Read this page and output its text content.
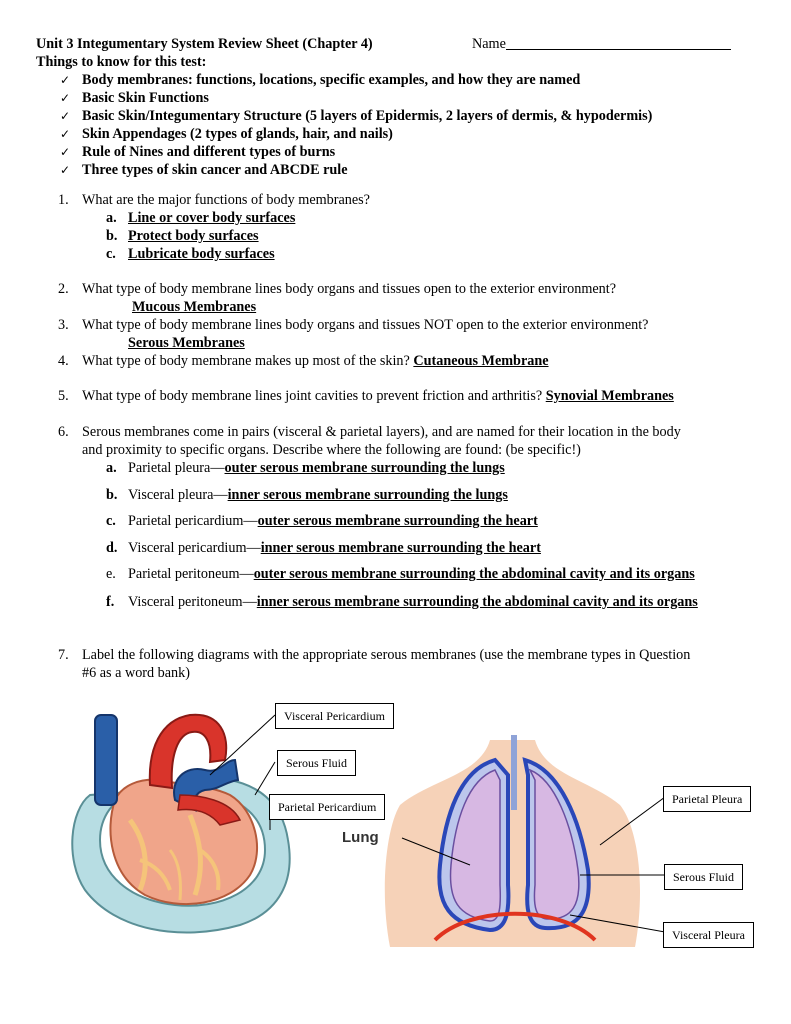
Unit 3 Integumentary System Review Sheet (Chapter 4)	Name
Things to know for this test:
✓ Body membranes: functions, locations, specific examples, and how they are named
✓ Basic Skin Functions
✓ Basic Skin/Integumentary Structure (5 layers of Epidermis, 2 layers of dermis, & hypodermis)
✓ Skin Appendages (2 types of glands, hair, and nails)
✓ Rule of Nines and different types of burns
✓ Three types of skin cancer and ABCDE rule
1. What are the major functions of body membranes?
a. Line or cover body surfaces
b. Protect body surfaces
c. Lubricate body surfaces
2. What type of body membrane lines body organs and tissues open to the exterior environment?
Mucous Membranes
3. What type of body membrane lines body organs and tissues NOT open to the exterior environment?
Serous Membranes
4. What type of body membrane makes up most of the skin? Cutaneous Membrane
5. What type of body membrane lines joint cavities to prevent friction and arthritis? Synovial Membranes
6. Serous membranes come in pairs (visceral & parietal layers), and are named for their location in the body
and proximity to specific organs. Describe where the following are found: (be specific!)
a. Parietal pleura—outer serous membrane surrounding the lungs
b. Visceral pleura—inner serous membrane surrounding the lungs
c. Parietal pericardium—outer serous membrane surrounding the heart
d. Visceral pericardium—inner serous membrane surrounding the heart
e. Parietal peritoneum—outer serous membrane surrounding the abdominal cavity and its organs
f. Visceral peritoneum—inner serous membrane surrounding the abdominal cavity and its organs
7. Label the following diagrams with the appropriate serous membranes (use the membrane types in Question
#6 as a word bank)
Visceral Pericardium
Serous Fluid
Parietal Pericardium
Lung
Parietal Pleura
Serous Fluid
Visceral Pleura
